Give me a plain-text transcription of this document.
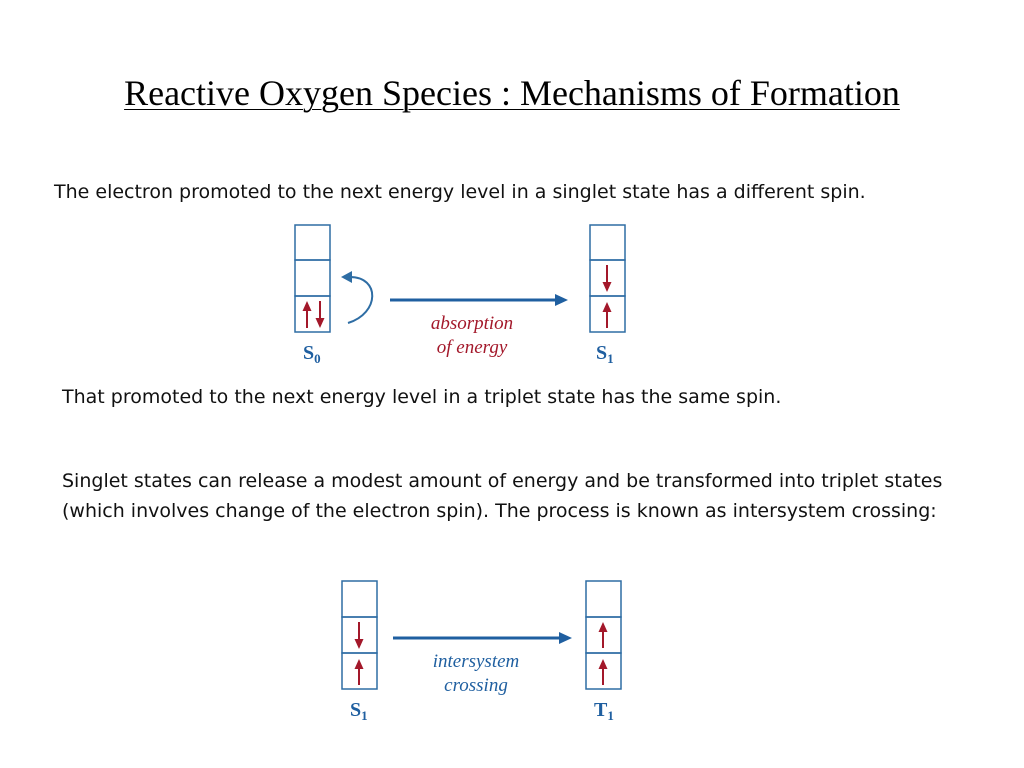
Reactive Oxygen Species : Mechanisms of Formation
The electron promoted to the next energy level in a singlet state has a different spin.
absorption
of energy
$S_0$	$S_1$
That promoted to the next energy level in a triplet state has the same spin.
Singlet states can release a modest amount of energy and be transformed into triplet states (which involves change of the electron spin). The process is known as intersystem crossing:
intersystem
crossing
$S_1$	$T_1$
